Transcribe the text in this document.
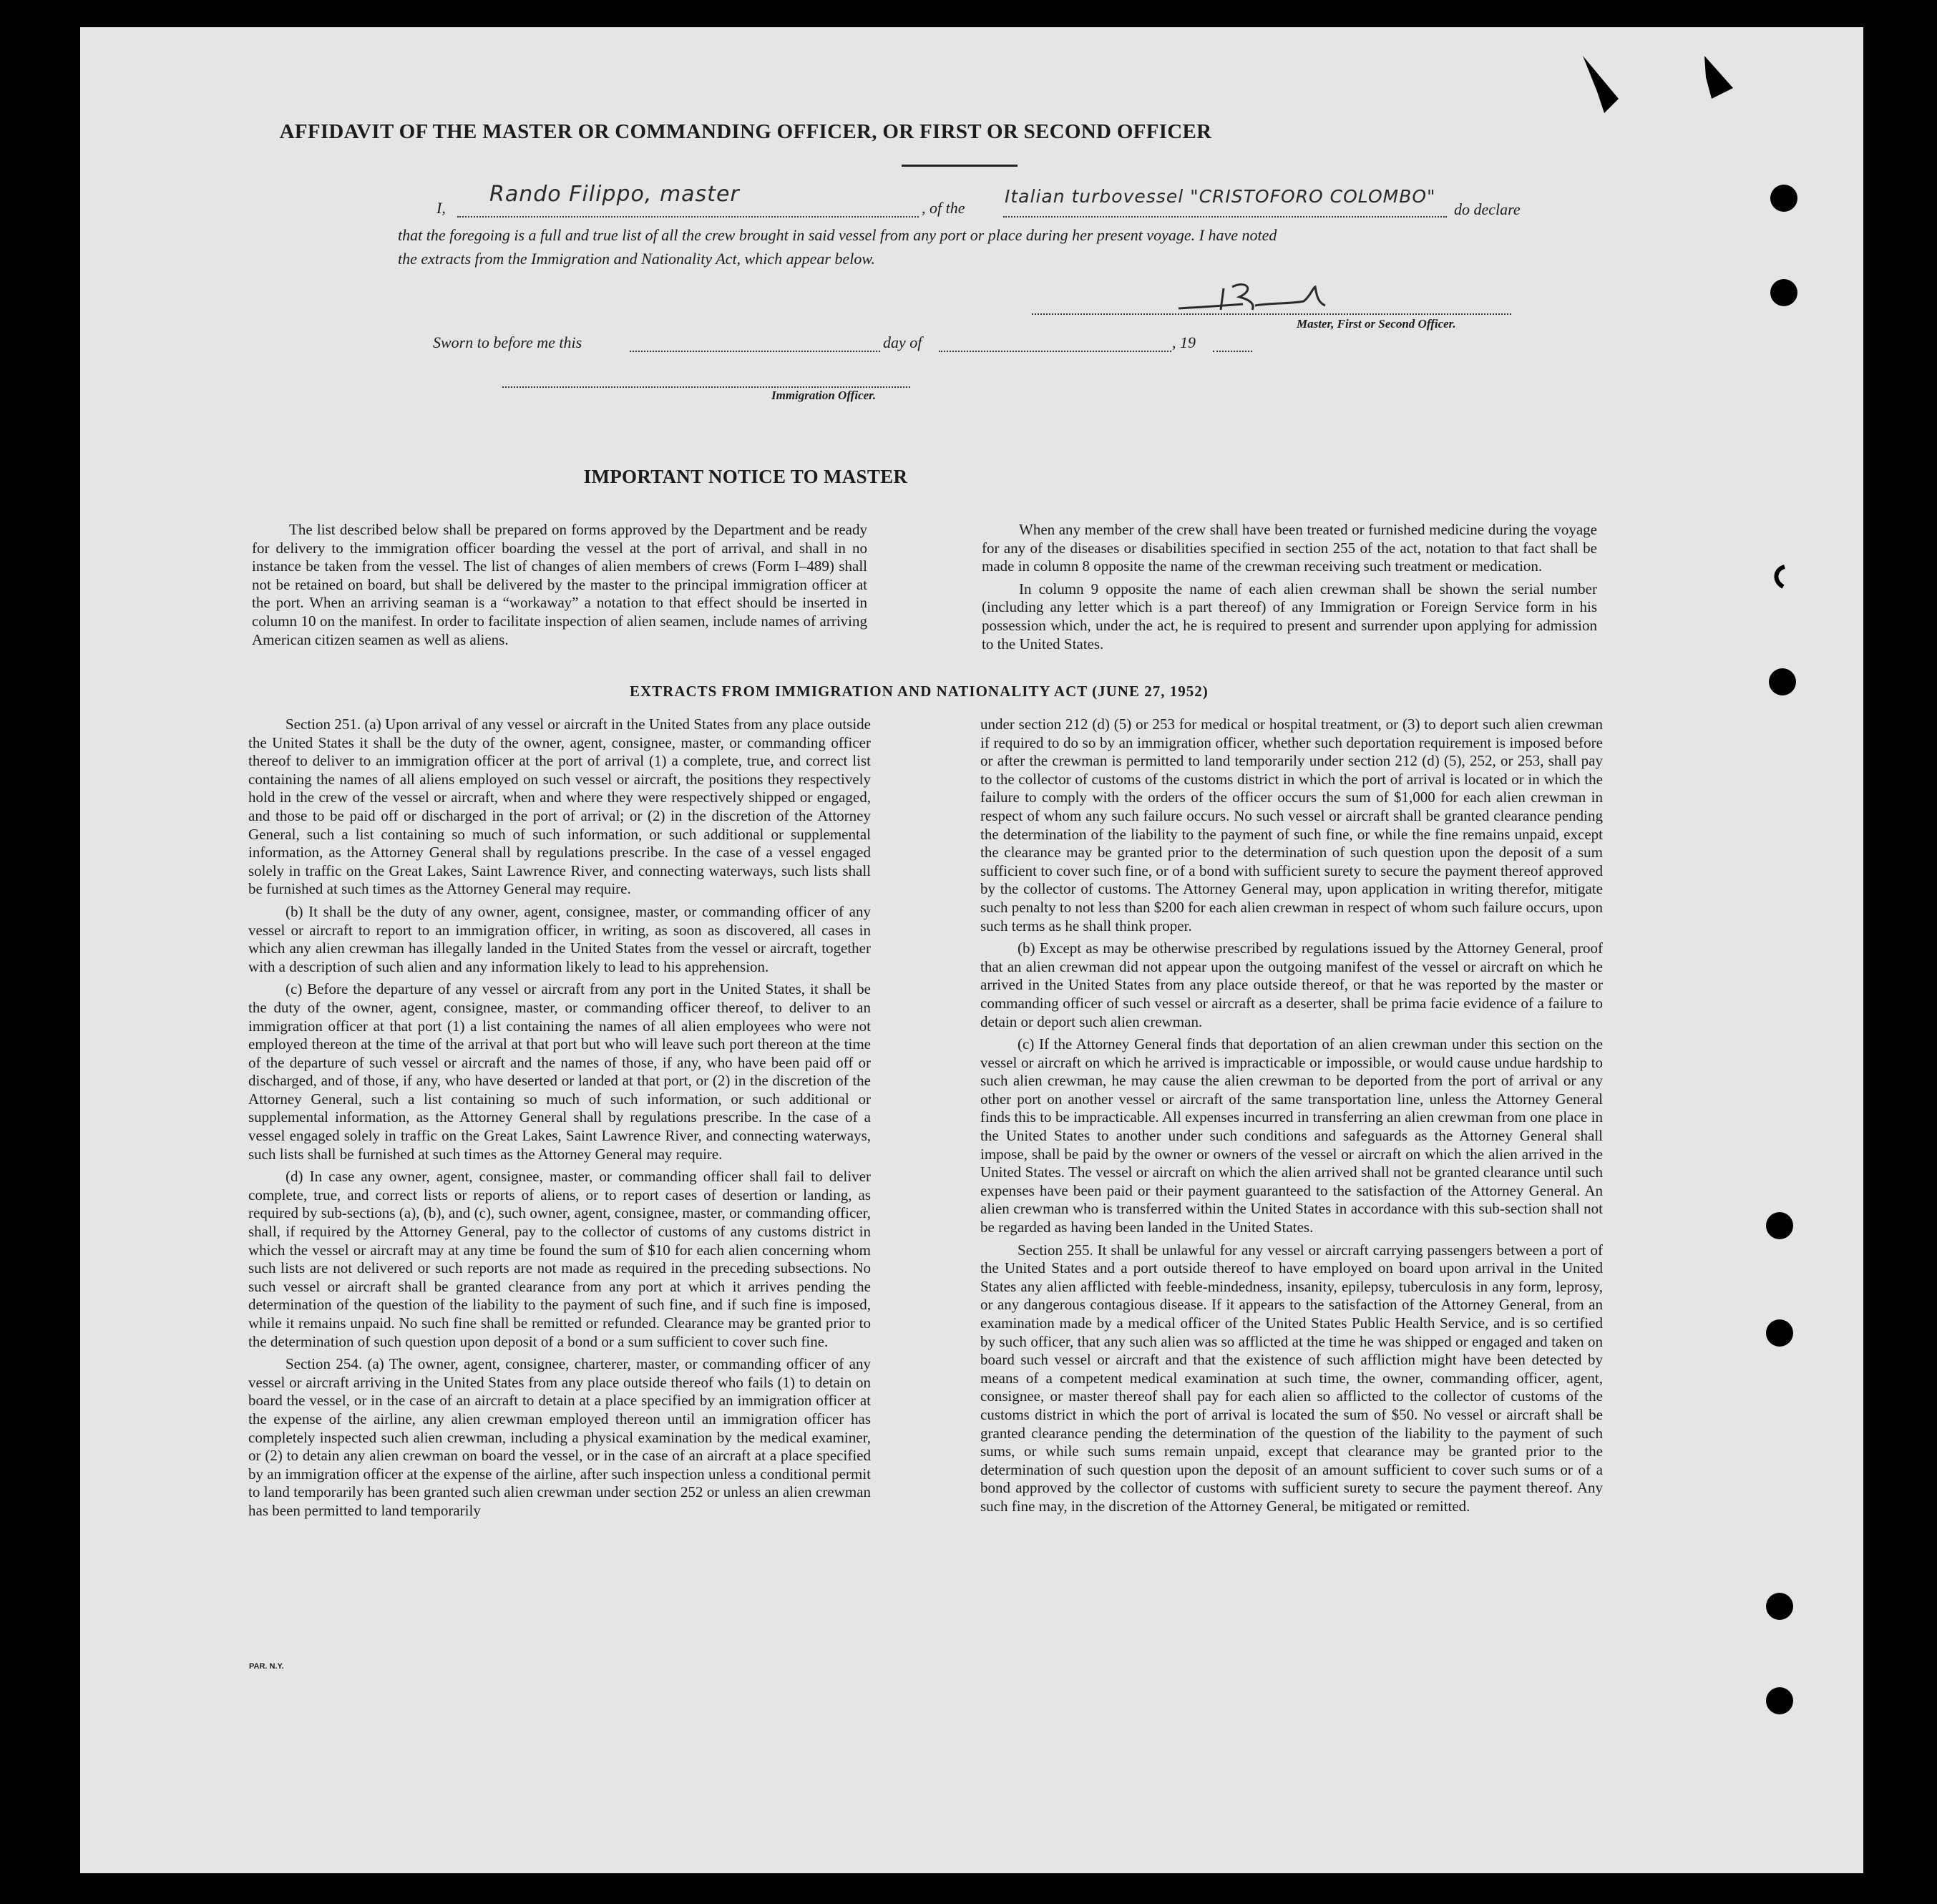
AFFIDAVIT OF THE MASTER OR COMMANDING OFFICER, OR FIRST OR SECOND OFFICER
I,
Rando Filippo, master
, of the
Italian turbovessel "CRISTOFORO COLOMBO"
do declare
that the foregoing is a full and true list of all the crew brought in said vessel from any port or place during her present voyage. I have noted
the extracts from the Immigration and Nationality Act, which appear below.
Master, First or Second Officer.
Sworn to before me this	day of	, 19
Immigration Officer.
IMPORTANT NOTICE TO MASTER

The list described below shall be prepared on forms approved by the Department and be ready for delivery to the immigration officer boarding the vessel at the port of arrival, and shall in no instance be taken from the vessel. The list of changes of alien members of crews (Form I–489) shall not be retained on board, but shall be delivered by the master to the principal immigration officer at the port. When an arriving seaman is a “workaway” a notation to that effect should be inserted in column 10 on the manifest. In order to facilitate inspection of alien seamen, include names of arriving American citizen seamen as well as aliens.

When any member of the crew shall have been treated or furnished medicine during the voyage for any of the diseases or disabilities specified in section 255 of the act, notation to that fact shall be made in column 8 opposite the name of the crewman receiving such treatment or medication.

In column 9 opposite the name of each alien crewman shall be shown the serial number (including any letter which is a part thereof) of any Immigration or Foreign Service form in his possession which, under the act, he is required to present and surrender upon applying for admission to the United States.

EXTRACTS FROM IMMIGRATION AND NATIONALITY ACT (JUNE 27, 1952)

Section 251. (a) Upon arrival of any vessel or aircraft in the United States from any place outside the United States it shall be the duty of the owner, agent, consignee, master, or commanding officer thereof to deliver to an immigration officer at the port of arrival (1) a complete, true, and correct list containing the names of all aliens employed on such vessel or aircraft, the positions they respectively hold in the crew of the vessel or aircraft, when and where they were respectively shipped or engaged, and those to be paid off or discharged in the port of arrival; or (2) in the discretion of the Attorney General, such a list containing so much of such information, or such additional or supplemental information, as the Attorney General shall by regulations prescribe. In the case of a vessel engaged solely in traffic on the Great Lakes, Saint Lawrence River, and connecting waterways, such lists shall be furnished at such times as the Attorney General may require.

(b) It shall be the duty of any owner, agent, consignee, master, or commanding officer of any vessel or aircraft to report to an immigration officer, in writing, as soon as discovered, all cases in which any alien crewman has illegally landed in the United States from the vessel or aircraft, together with a description of such alien and any information likely to lead to his apprehension.

(c) Before the departure of any vessel or aircraft from any port in the United States, it shall be the duty of the owner, agent, consignee, master, or commanding officer thereof, to deliver to an immigration officer at that port (1) a list containing the names of all alien employees who were not employed thereon at the time of the arrival at that port but who will leave such port thereon at the time of the departure of such vessel or aircraft and the names of those, if any, who have been paid off or discharged, and of those, if any, who have deserted or landed at that port, or (2) in the discretion of the Attorney General, such a list containing so much of such information, or such additional or supplemental information, as the Attorney General shall by regulations prescribe. In the case of a vessel engaged solely in traffic on the Great Lakes, Saint Lawrence River, and connecting waterways, such lists shall be furnished at such times as the Attorney General may require.

(d) In case any owner, agent, consignee, master, or commanding officer shall fail to deliver complete, true, and correct lists or reports of aliens, or to report cases of desertion or landing, as required by sub-sections (a), (b), and (c), such owner, agent, consignee, master, or commanding officer, shall, if required by the Attorney General, pay to the collector of customs of any customs district in which the vessel or aircraft may at any time be found the sum of $10 for each alien concerning whom such lists are not delivered or such reports are not made as required in the preceding subsections. No such vessel or aircraft shall be granted clearance from any port at which it arrives pending the determination of the question of the liability to the payment of such fine, and if such fine is imposed, while it remains unpaid. No such fine shall be remitted or refunded. Clearance may be granted prior to the determination of such question upon deposit of a bond or a sum sufficient to cover such fine.

Section 254. (a) The owner, agent, consignee, charterer, master, or commanding officer of any vessel or aircraft arriving in the United States from any place outside thereof who fails (1) to detain on board the vessel, or in the case of an aircraft to detain at a place specified by an immigration officer at the expense of the airline, any alien crewman employed thereon until an immigration officer has completely inspected such alien crewman, including a physical examination by the medical examiner, or (2) to detain any alien crewman on board the vessel, or in the case of an aircraft at a place specified by an immigration officer at the expense of the airline, after such inspection unless a conditional permit to land temporarily has been granted such alien crewman under section 252 or unless an alien crewman has been permitted to land temporarily

under section 212 (d) (5) or 253 for medical or hospital treatment, or (3) to deport such alien crewman if required to do so by an immigration officer, whether such deportation requirement is imposed before or after the crewman is permitted to land temporarily under section 212 (d) (5), 252, or 253, shall pay to the collector of customs of the customs district in which the port of arrival is located or in which the failure to comply with the orders of the officer occurs the sum of $1,000 for each alien crewman in respect of whom any such failure occurs. No such vessel or aircraft shall be granted clearance pending the determination of the liability to the payment of such fine, or while the fine remains unpaid, except the clearance may be granted prior to the determination of such question upon the deposit of a sum sufficient to cover such fine, or of a bond with sufficient surety to secure the payment thereof approved by the collector of customs. The Attorney General may, upon application in writing therefor, mitigate such penalty to not less than $200 for each alien crewman in respect of whom such failure occurs, upon such terms as he shall think proper.

(b) Except as may be otherwise prescribed by regulations issued by the Attorney General, proof that an alien crewman did not appear upon the outgoing manifest of the vessel or aircraft on which he arrived in the United States from any place outside thereof, or that he was reported by the master or commanding officer of such vessel or aircraft as a deserter, shall be prima facie evidence of a failure to detain or deport such alien crewman.

(c) If the Attorney General finds that deportation of an alien crewman under this section on the vessel or aircraft on which he arrived is impracticable or impossible, or would cause undue hardship to such alien crewman, he may cause the alien crewman to be deported from the port of arrival or any other port on another vessel or aircraft of the same transportation line, unless the Attorney General finds this to be impracticable. All expenses incurred in transferring an alien crewman from one place in the United States to another under such conditions and safeguards as the Attorney General shall impose, shall be paid by the owner or owners of the vessel or aircraft on which the alien arrived in the United States. The vessel or aircraft on which the alien arrived shall not be granted clearance until such expenses have been paid or their payment guaranteed to the satisfaction of the Attorney General. An alien crewman who is transferred within the United States in accordance with this sub-section shall not be regarded as having been landed in the United States.

Section 255. It shall be unlawful for any vessel or aircraft carrying passengers between a port of the United States and a port outside thereof to have employed on board upon arrival in the United States any alien afflicted with feeble-mindedness, insanity, epilepsy, tuberculosis in any form, leprosy, or any dangerous contagious disease. If it appears to the satisfaction of the Attorney General, from an examination made by a medical officer of the United States Public Health Service, and is so certified by such officer, that any such alien was so afflicted at the time he was shipped or engaged and taken on board such vessel or aircraft and that the existence of such affliction might have been detected by means of a competent medical examination at such time, the owner, commanding officer, agent, consignee, or master thereof shall pay for each alien so afflicted to the collector of customs of the customs district in which the port of arrival is located the sum of $50. No vessel or aircraft shall be granted clearance pending the determination of the question of the liability to the payment of such sums, or while such sums remain unpaid, except that clearance may be granted prior to the determination of such question upon the deposit of an amount sufficient to cover such sums or of a bond approved by the collector of customs with sufficient surety to secure the payment thereof. Any such fine may, in the discretion of the Attorney General, be mitigated or remitted.

PAR. N.Y.
